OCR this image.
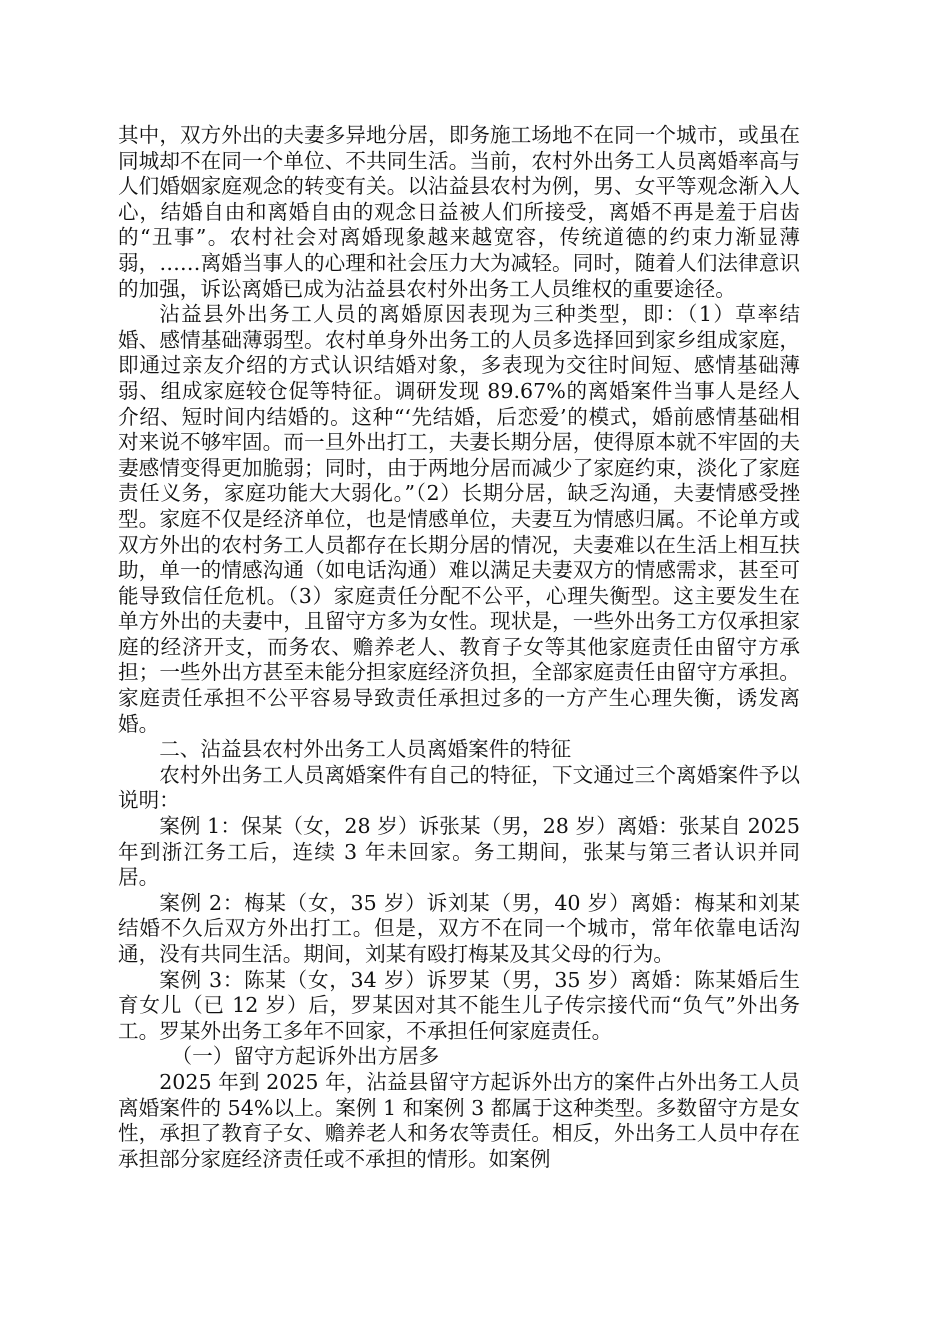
其中，双方外出的夫妻多异地分居，即务施工场地不在同一个城市，或虽在同城却不在同一个单位、不共同生活。当前，农村外出务工人员离婚率高与人们婚姻家庭观念的转变有关。以沾益县农村为例，男、女平等观念渐入人心，结婚自由和离婚自由的观念日益被人们所接受，离婚不再是羞于启齿的“丑事”。农村社会对离婚现象越来越宽容，传统道德的约束力渐显薄弱，……离婚当事人的心理和社会压力大为减轻。同时，随着人们法律意识的加强，诉讼离婚已成为沾益县农村外出务工人员维权的重要途径。

沾益县外出务工人员的离婚原因表现为三种类型，即：（1）草率结婚、感情基础薄弱型。农村单身外出务工的人员多选择回到家乡组成家庭，即通过亲友介绍的方式认识结婚对象，多表现为交往时间短、感情基础薄弱、组成家庭较仓促等特征。调研发现 89.67%的离婚案件当事人是经人介绍、短时间内结婚的。这种“‘先结婚，后恋爱’的模式，婚前感情基础相对来说不够牢固。而一旦外出打工，夫妻长期分居，使得原本就不牢固的夫妻感情变得更加脆弱；同时，由于两地分居而减少了家庭约束，淡化了家庭责任义务，家庭功能大大弱化。”（2）长期分居，缺乏沟通，夫妻情感受挫型。家庭不仅是经济单位，也是情感单位，夫妻互为情感归属。不论单方或双方外出的农村务工人员都存在长期分居的情况，夫妻难以在生活上相互扶助，单一的情感沟通（如电话沟通）难以满足夫妻双方的情感需求，甚至可能导致信任危机。（3）家庭责任分配不公平，心理失衡型。这主要发生在单方外出的夫妻中，且留守方多为女性。现状是，一些外出务工方仅承担家庭的经济开支，而务农、赡养老人、教育子女等其他家庭责任由留守方承担；一些外出方甚至未能分担家庭经济负担，全部家庭责任由留守方承担。家庭责任承担不公平容易导致责任承担过多的一方产生心理失衡，诱发离婚。

二、沾益县农村外出务工人员离婚案件的特征

农村外出务工人员离婚案件有自己的特征，下文通过三个离婚案件予以说明：

案例 1：保某（女，28 岁）诉张某（男，28 岁）离婚：张某自 2025 年到浙江务工后，连续 3 年未回家。务工期间，张某与第三者认识并同居。

案例 2：梅某（女，35 岁）诉刘某（男，40 岁）离婚：梅某和刘某结婚不久后双方外出打工。但是，双方不在同一个城市，常年依靠电话沟通，没有共同生活。期间，刘某有殴打梅某及其父母的行为。

案例 3：陈某（女，34 岁）诉罗某（男，35 岁）离婚：陈某婚后生育女儿（已 12 岁）后，罗某因对其不能生儿子传宗接代而“负气”外出务工。罗某外出务工多年不回家，不承担任何家庭责任。

（一）留守方起诉外出方居多

2025 年到 2025 年，沾益县留守方起诉外出方的案件占外出务工人员离婚案件的 54%以上。案例 1 和案例 3 都属于这种类型。多数留守方是女性，承担了教育子女、赡养老人和务农等责任。相反，外出务工人员中存在承担部分家庭经济责任或不承担的情形。如案例
